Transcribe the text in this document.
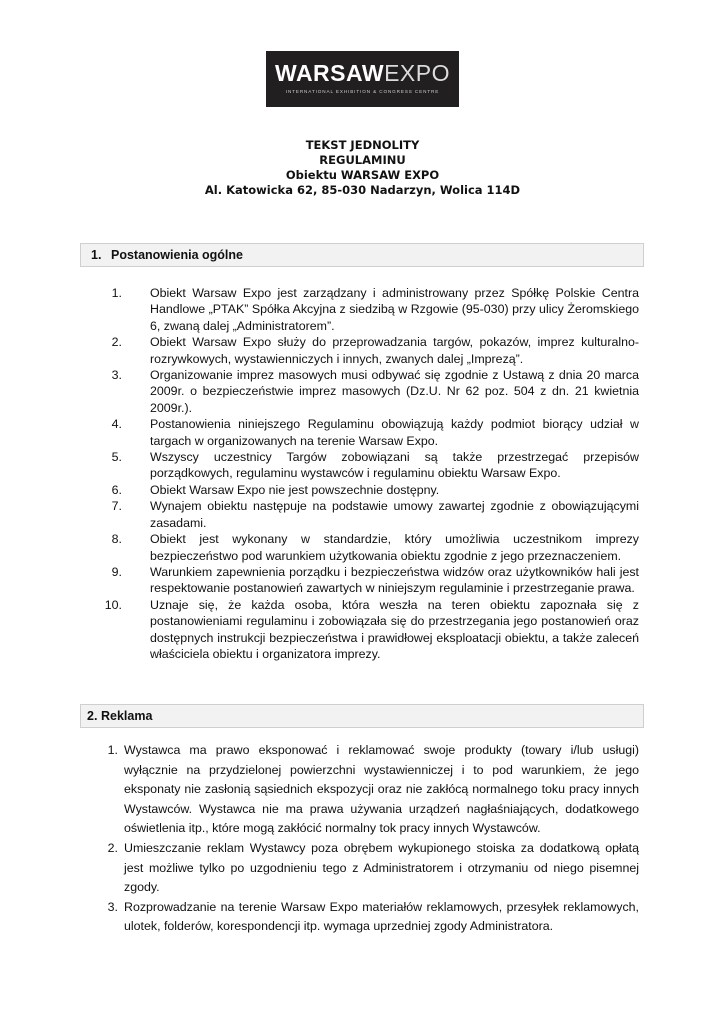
WARSAWEXPO
INTERNATIONAL EXHIBITION & CONGRESS CENTRE
TEKST JEDNOLITY
REGULAMINU
Obiektu WARSAW EXPO
Al. Katowicka 62, 85-030 Nadarzyn, Wolica 114D
1. Postanowienia ogólne
1. Obiekt Warsaw Expo jest zarządzany i administrowany przez Spółkę Polskie Centra Handlowe „PTAK” Spółka Akcyjna z siedzibą w Rzgowie (95-030) przy ulicy Żeromskiego 6, zwaną dalej „Administratorem”.
2. Obiekt Warsaw Expo służy do przeprowadzania targów, pokazów, imprez kulturalno-rozrywkowych, wystawienniczych i innych, zwanych dalej „Imprezą”.
3. Organizowanie imprez masowych musi odbywać się zgodnie z Ustawą z dnia 20 marca 2009r. o bezpieczeństwie imprez masowych (Dz.U. Nr 62 poz. 504 z dn. 21 kwietnia 2009r.).
4. Postanowienia niniejszego Regulaminu obowiązują każdy podmiot biorący udział w targach w organizowanych na terenie Warsaw Expo.
5. Wszyscy uczestnicy Targów zobowiązani są także przestrzegać przepisów porządkowych, regulaminu wystawców i regulaminu obiektu Warsaw Expo.
6. Obiekt Warsaw Expo nie jest powszechnie dostępny.
7. Wynajem obiektu następuje na podstawie umowy zawartej zgodnie z obowiązującymi zasadami.
8. Obiekt jest wykonany w standardzie, który umożliwia uczestnikom imprezy bezpieczeństwo pod warunkiem użytkowania obiektu zgodnie z jego przeznaczeniem.
9. Warunkiem zapewnienia porządku i bezpieczeństwa widzów oraz użytkowników hali jest respektowanie postanowień zawartych w niniejszym regulaminie i przestrzeganie prawa.
10. Uznaje się, że każda osoba, która weszła na teren obiektu zapoznała się z postanowieniami regulaminu i zobowiązała się do przestrzegania jego postanowień oraz dostępnych instrukcji bezpieczeństwa i prawidłowej eksploatacji obiektu, a także zaleceń właściciela obiektu i organizatora imprezy.
2. Reklama
1. Wystawca ma prawo eksponować i reklamować swoje produkty (towary i/lub usługi) wyłącznie na przydzielonej powierzchni wystawienniczej i to pod warunkiem, że jego eksponaty nie zasłonią sąsiednich ekspozycji oraz nie zakłócą normalnego toku pracy innych Wystawców. Wystawca nie ma prawa używania urządzeń nagłaśniających, dodatkowego oświetlenia itp., które mogą zakłócić normalny tok pracy innych Wystawców.
2. Umieszczanie reklam Wystawcy poza obrębem wykupionego stoiska za dodatkową opłatą jest możliwe tylko po uzgodnieniu tego z Administratorem i otrzymaniu od niego pisemnej zgody.
3. Rozprowadzanie na terenie Warsaw Expo materiałów reklamowych, przesyłek reklamowych, ulotek, folderów, korespondencji itp. wymaga uprzedniej zgody Administratora.
